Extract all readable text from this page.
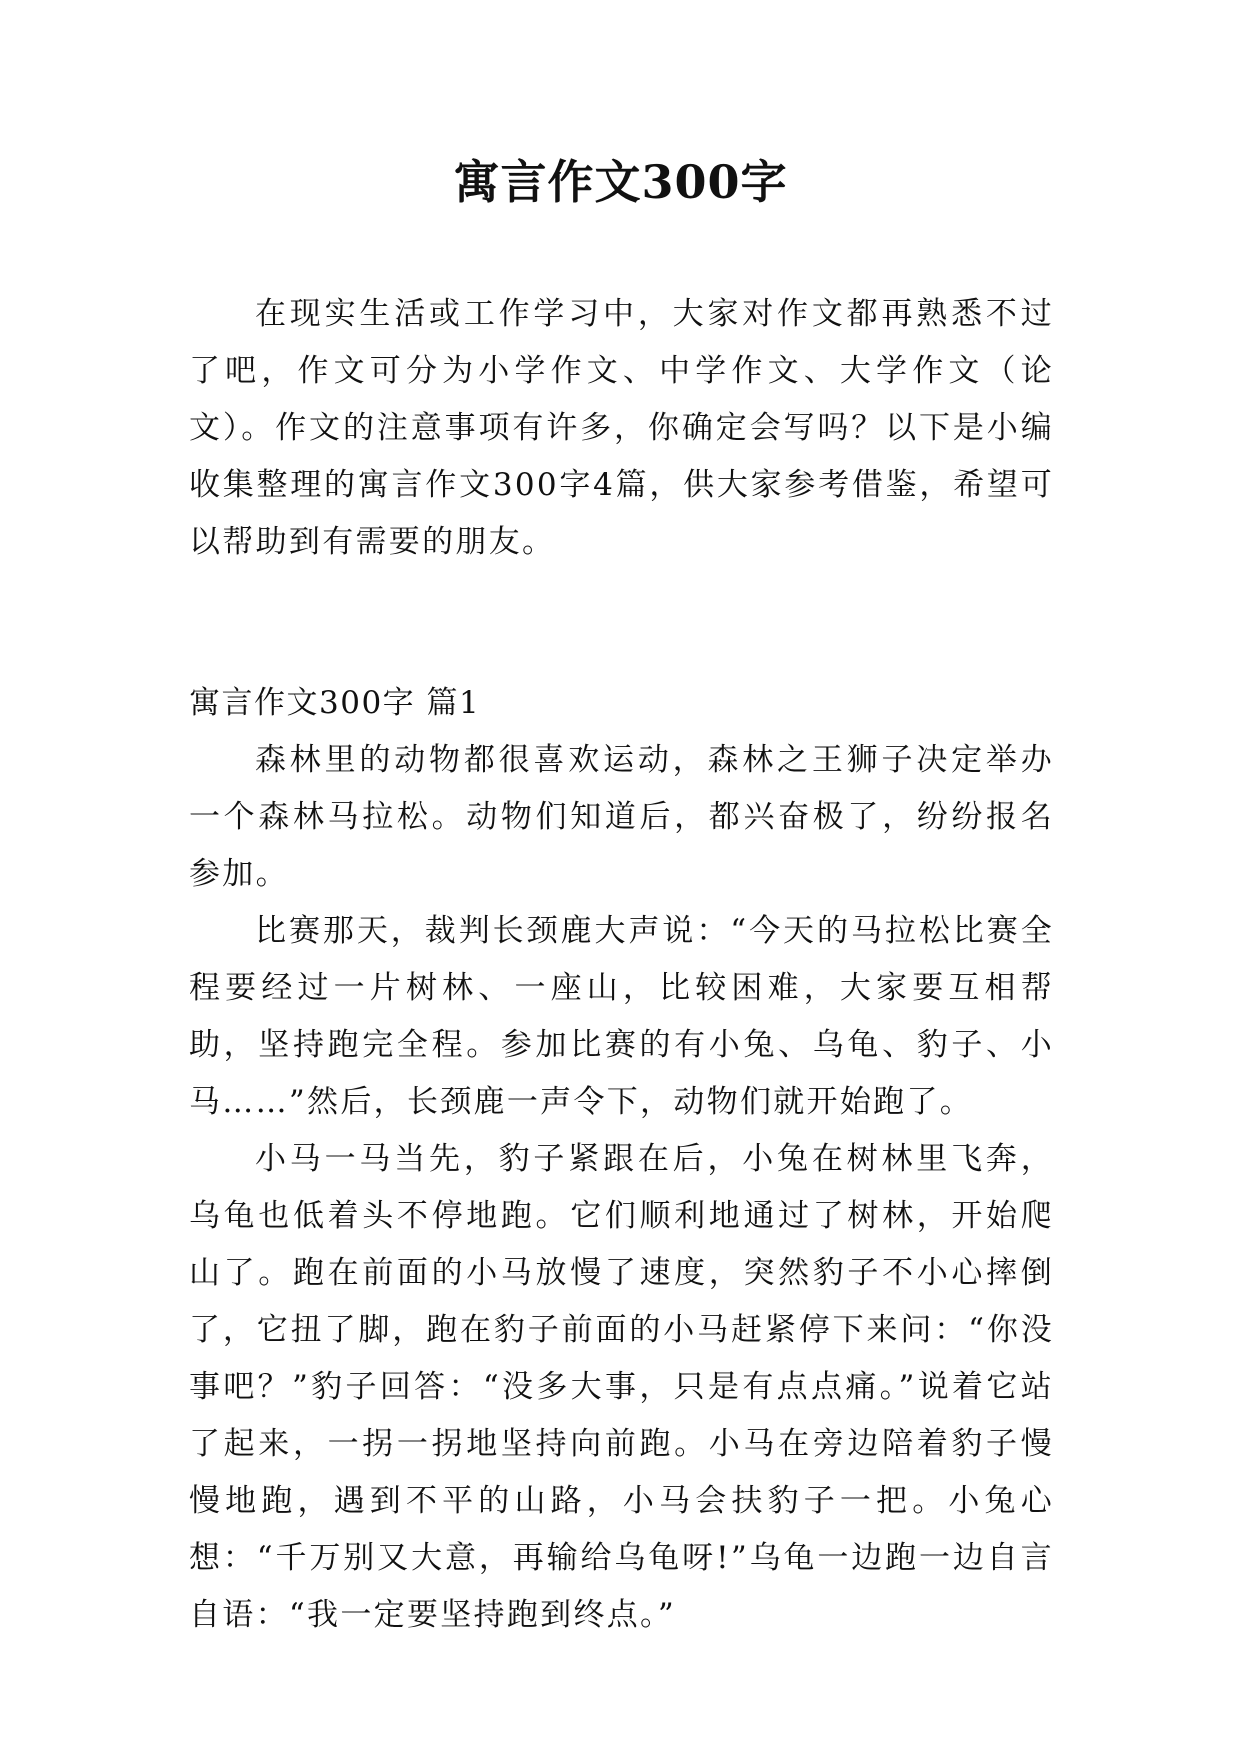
寓言作文300字

在现实生活或工作学习中，大家对作文都再熟悉不过了吧，作文可分为小学作文、中学作文、大学作文（论文）。作文的注意事项有许多，你确定会写吗？以下是小编收集整理的寓言作文300字4篇，供大家参考借鉴，希望可以帮助到有需要的朋友。

寓言作文300字 篇1

森林里的动物都很喜欢运动，森林之王狮子决定举办一个森林马拉松。动物们知道后，都兴奋极了，纷纷报名参加。

比赛那天，裁判长颈鹿大声说：“今天的马拉松比赛全程要经过一片树林、一座山，比较困难，大家要互相帮助，坚持跑完全程。参加比赛的有小兔、乌龟、豹子、小马……”然后，长颈鹿一声令下，动物们就开始跑了。

小马一马当先，豹子紧跟在后，小兔在树林里飞奔，乌龟也低着头不停地跑。它们顺利地通过了树林，开始爬山了。跑在前面的小马放慢了速度，突然豹子不小心摔倒了，它扭了脚，跑在豹子前面的小马赶紧停下来问：“你没事吧？”豹子回答：“没多大事，只是有点点痛。”说着它站了起来，一拐一拐地坚持向前跑。小马在旁边陪着豹子慢慢地跑，遇到不平的山路，小马会扶豹子一把。小兔心想：“千万别又大意，再输给乌龟呀!”乌龟一边跑一边自言自语：“我一定要坚持跑到终点。”
